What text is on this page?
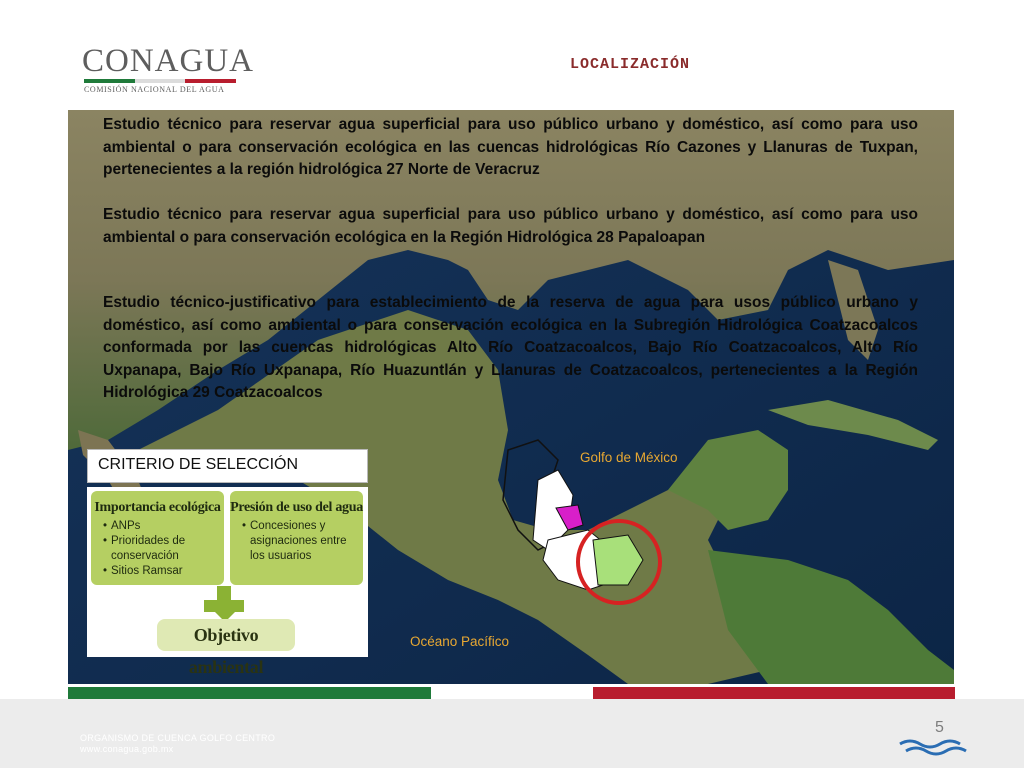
CONAGUA
COMISIÓN NACIONAL DEL AGUA
LOCALIZACIÓN
Estudio técnico para reservar agua superficial para uso público urbano y doméstico, así como para uso ambiental o para conservación ecológica en las cuencas hidrológicas Río Cazones y Llanuras de Tuxpan, pertenecientes a la región hidrológica 27 Norte de Veracruz
Estudio técnico para reservar agua superficial para uso público urbano y doméstico, así como para uso ambiental o para conservación ecológica en la Región Hidrológica 28 Papaloapan
Estudio técnico-justificativo para establecimiento de la reserva de agua para usos público urbano y doméstico, así como ambiental o para conservación ecológica en la Subregión Hidrológica Coatzacoalcos conformada por las cuencas hidrológicas Alto Río Coatzacoalcos, Bajo Río Coatzacoalcos, Alto Río Uxpanapa, Bajo Río Uxpanapa, Río Huazuntlán y Llanuras de Coatzacoalcos, pertenecientes a la Región Hidrológica 29 Coatzacoalcos
CRITERIO DE SELECCIÓN
Importancia ecológica
• ANPs
• Prioridades de conservación
• Sitios Ramsar
Presión de uso del agua
• Concesiones y asignaciones entre los usuarios
Objetivo ambiental
Golfo de México
Océano Pacífico
ORGANISMO DE CUENCA GOLFO CENTRO
www.conagua.gob.mx
5
